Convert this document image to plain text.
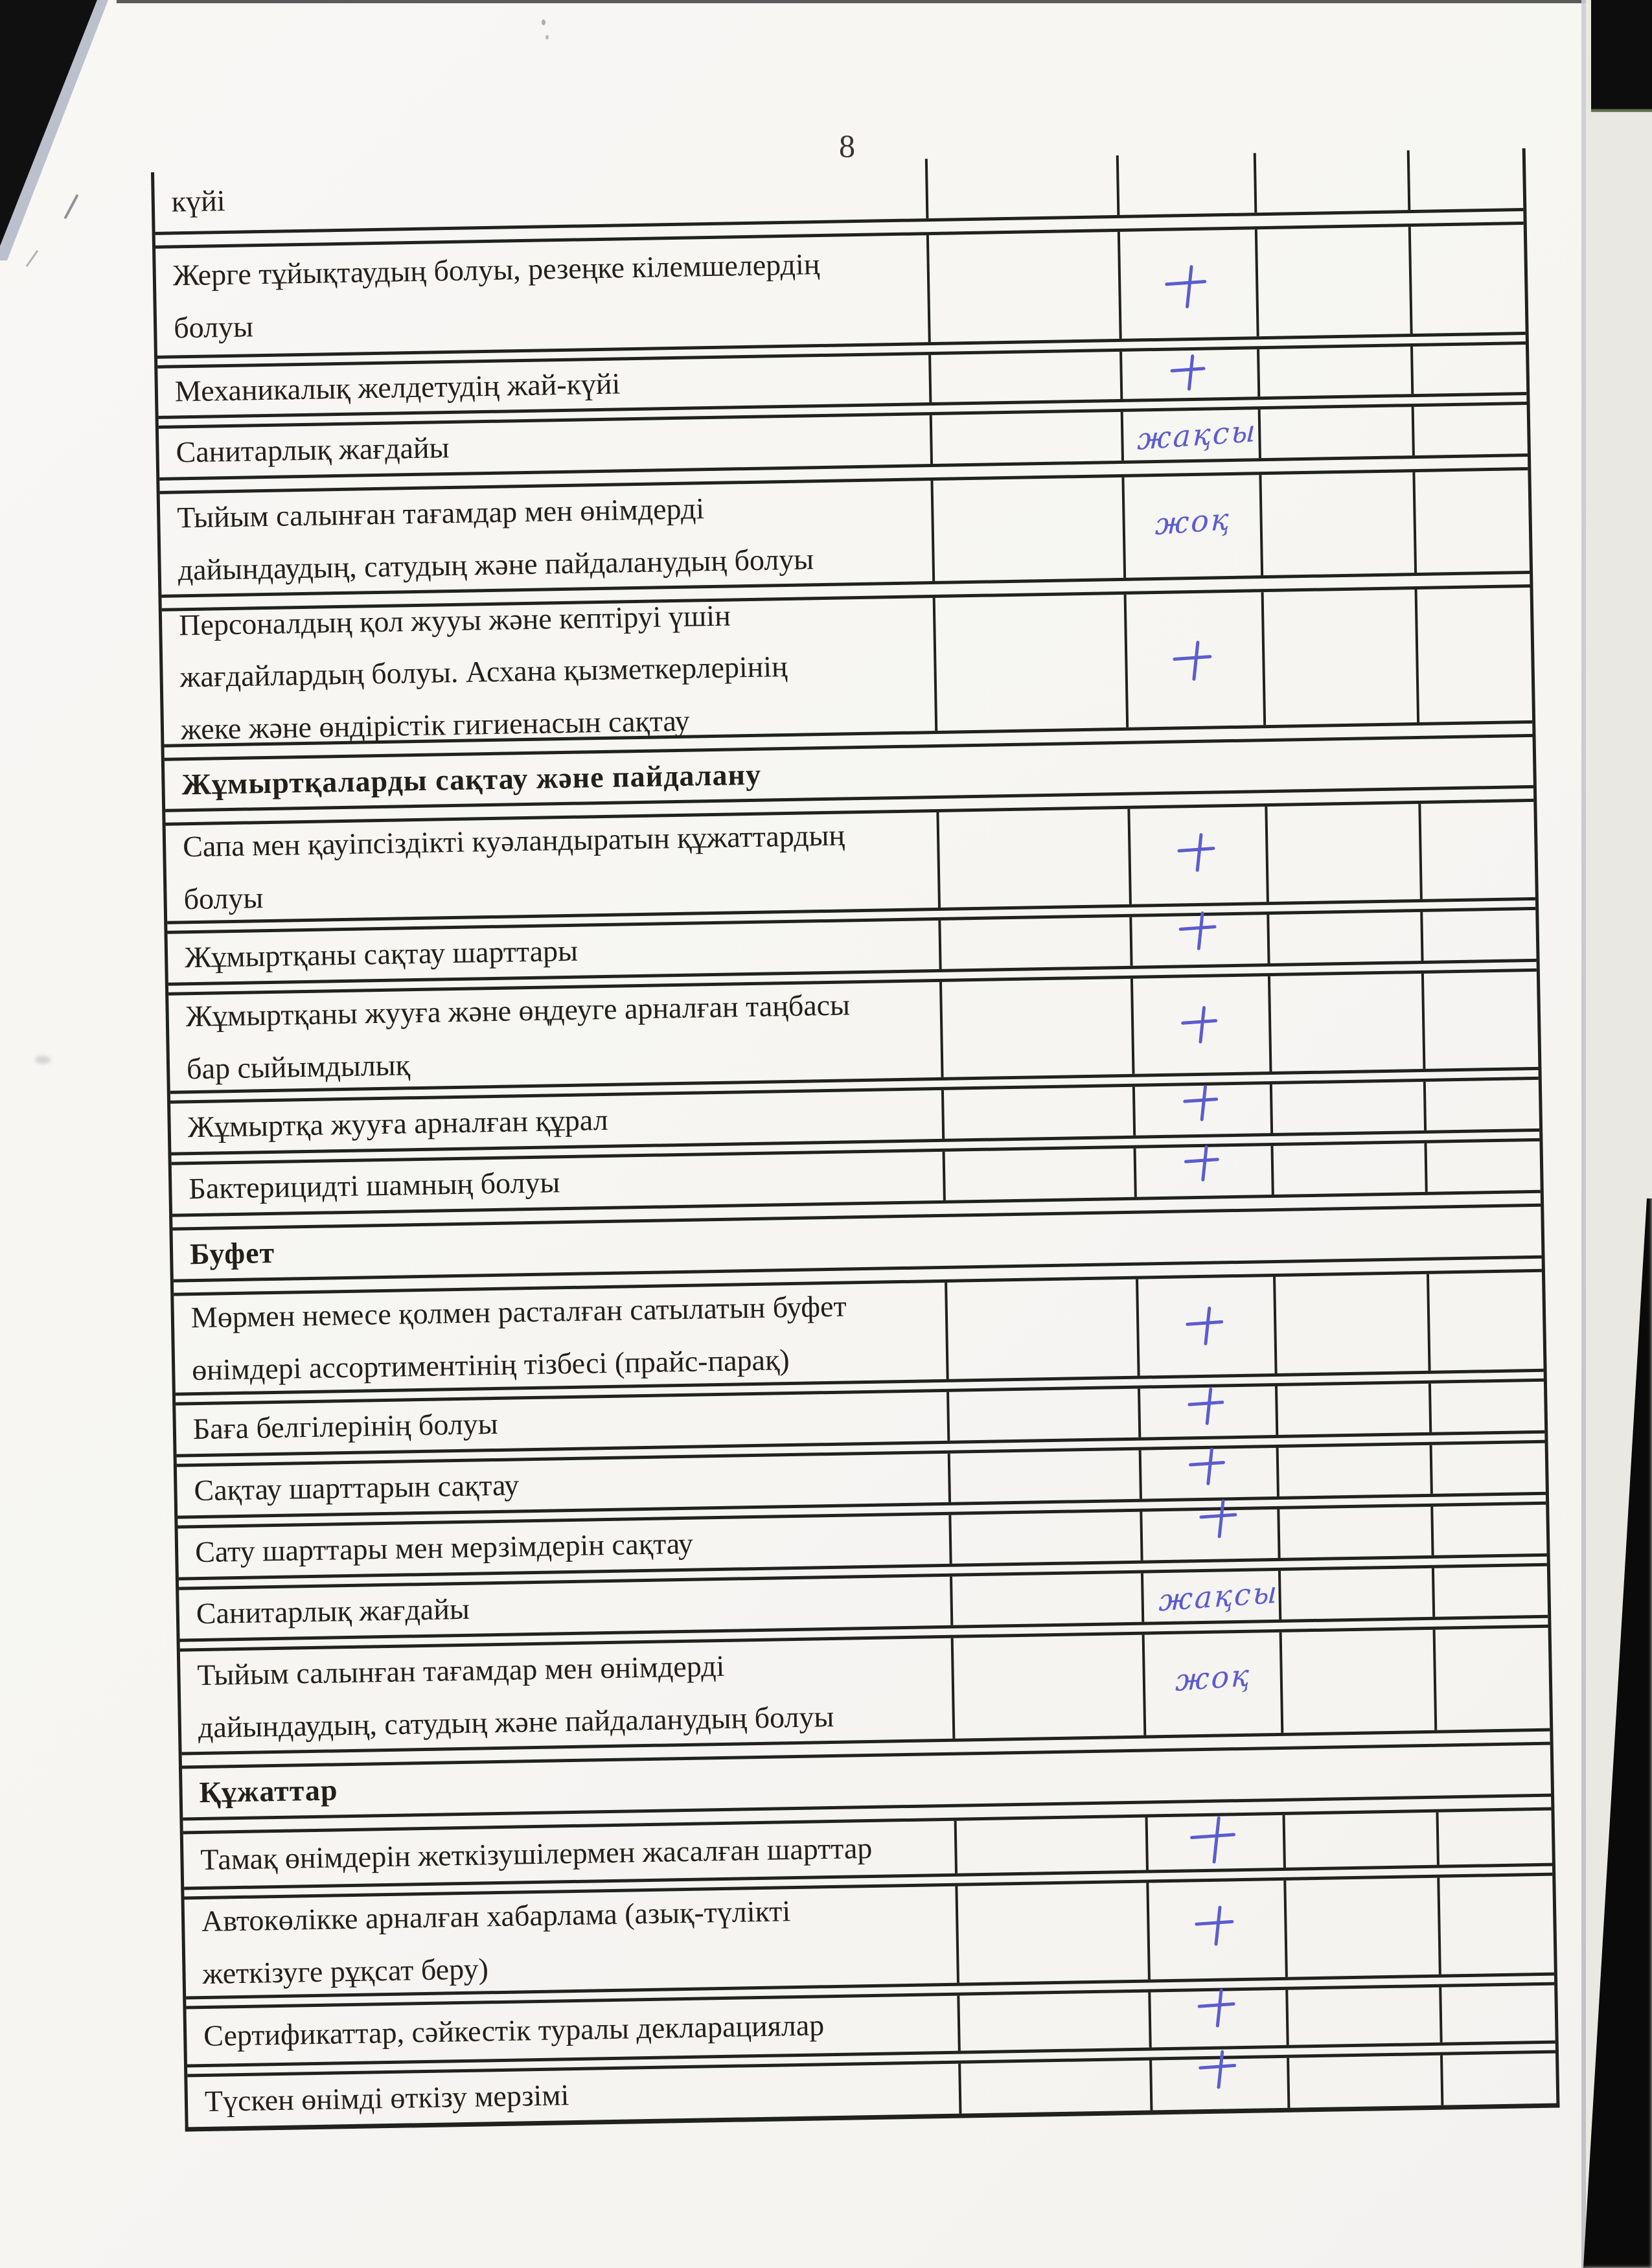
8
күйі
Жерге тұйықтаудың болуы, резеңке кілемшелердің
болуы
Механикалық желдетудің жай-күйі
Санитарлық жағдайы	жақсы
Тыйым салынған тағамдар мен өнімдерді
дайындаудың, сатудың және пайдаланудың болуы
жоқ
Персоналдың қол жууы және кептіруі үшін
жағдайлардың болуы. Асхана қызметкерлерінің
жеке және өндірістік гигиенасын сақтау
Жұмыртқаларды сақтау және пайдалану
Сапа мен қауіпсіздікті куәландыратын құжаттардың
болуы
Жұмыртқаны сақтау шарттары
Жұмыртқаны жууға және өңдеуге арналған таңбасы
бар сыйымдылық
Жұмыртқа жууға арналған құрал
Бактерицидті шамның болуы
Буфет
Мөрмен немесе қолмен расталған сатылатын буфет
өнімдері ассортиментінің тізбесі (прайс-парақ)
Баға белгілерінің болуы
Сақтау шарттарын сақтау
Сату шарттары мен мерзімдерін сақтау
Санитарлық жағдайы	жақсы
Тыйым салынған тағамдар мен өнімдерді
дайындаудың, сатудың және пайдаланудың болуы
жоқ
Құжаттар
Тамақ өнімдерін жеткізушілермен жасалған шарттар
Автокөлікке арналған хабарлама (азық-түлікті
жеткізуге рұқсат беру)
Сертификаттар, сәйкестік туралы декларациялар
Түскен өнімді өткізу мерзімі
